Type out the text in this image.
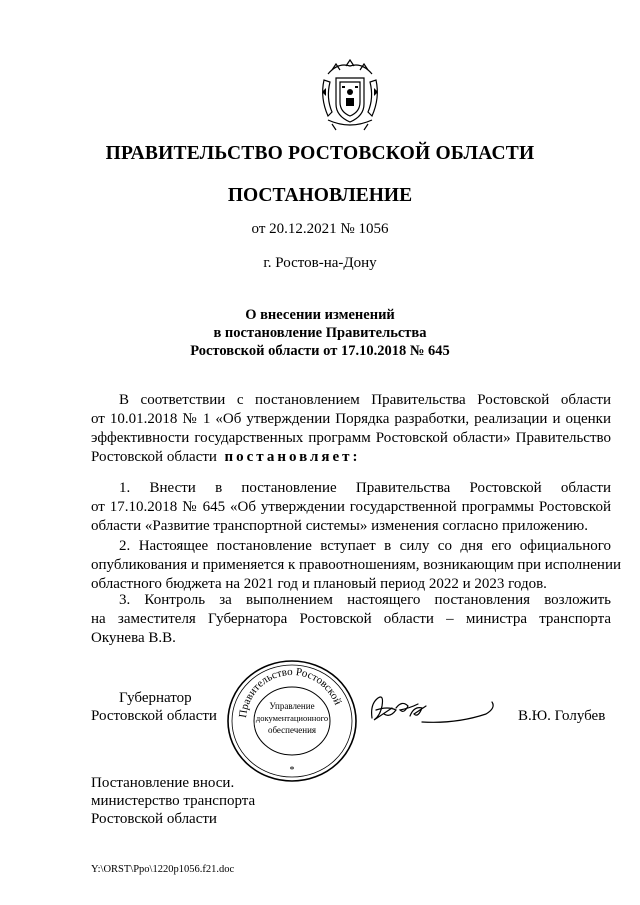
ПРАВИТЕЛЬСТВО РОСТОВСКОЙ ОБЛАСТИ
ПОСТАНОВЛЕНИЕ
от 20.12.2021 № 1056
г. Ростов-на-Дону
О внесении изменений
в постановление Правительства
Ростовской области от 17.10.2018 № 645
В соответствии с постановлением Правительства Ростовской области
от 10.01.2018 № 1 «Об утверждении Порядка разработки, реализации и оценки
эффективности государственных программ Ростовской области» Правительство
Ростовской области постановляет:
1. Внести в постановление Правительства Ростовской области
от 17.10.2018 № 645 «Об утверждении государственной программы Ростовской
области «Развитие транспортной системы» изменения согласно приложению.
2. Настоящее постановление вступает в силу со дня его официального
опубликования и применяется к правоотношениям, возникающим при исполнении
областного бюджета на 2021 год и плановый период 2022 и 2023 годов.
3. Контроль за выполнением настоящего постановления возложить
на заместителя Губернатора Ростовской области – министра транспорта
Окунева В.В.
Губернатор
Ростовской области Правительство Ростовской
Управление
документационного
обеспечения
*
В.Ю. Голубев
Постановление вноси.
министерство транспорта
Ростовской области
Y:\ORST\Ppo\1220p1056.f21.doc
